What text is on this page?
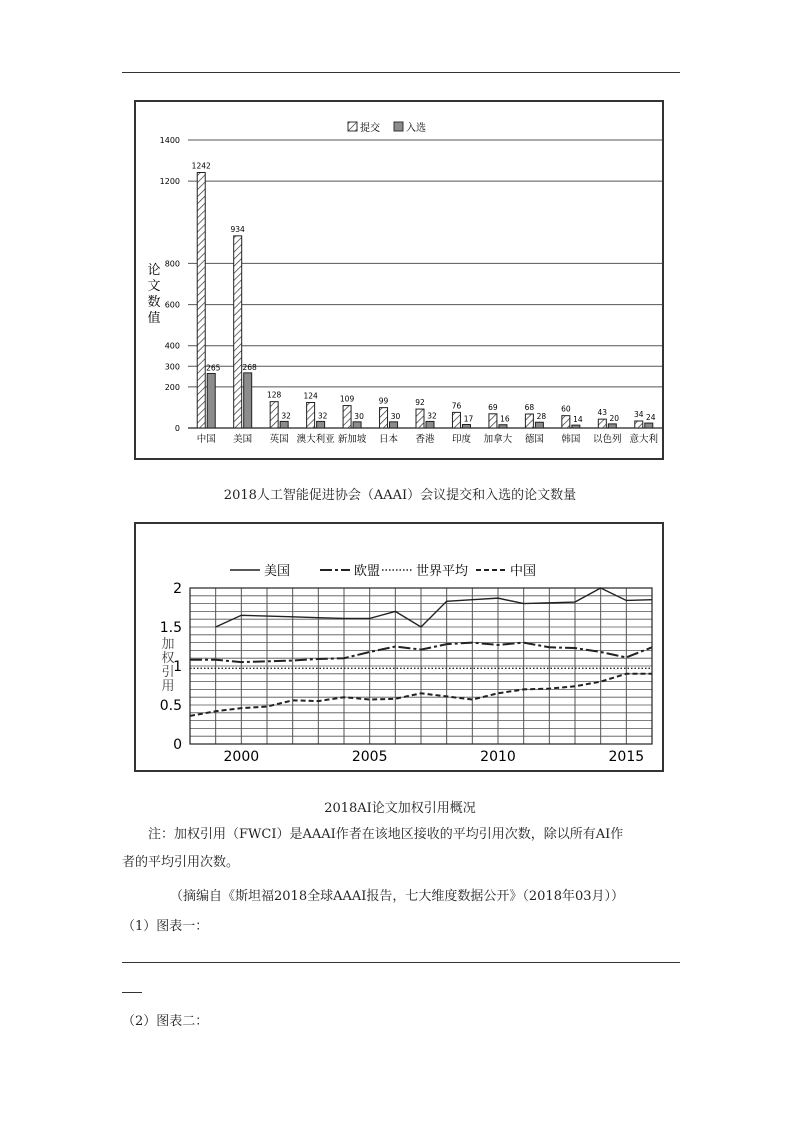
0
200
300
400
600
800
1200
1400
1242
265
934
268
128
32
124
32
109
30
99
30
92
32
76
17
69
16
68
28
60
14
43
20 34 24
中国 美国 英国 澳大利亚 新加坡 日本 香港 印度 加拿大 德国 韩国 以色列 意大利
提交	入选
论
文
数
值
2018人工智能促进协会（AAAI）会议提交和入选的论文数量
0
0.5
1
1.5
2
2000	2005	2010	2015
美国	欧盟	世界平均	中国
加
权
引
用
2018AI论文加权引用概况
注：加权引用（FWCI）是AAAI作者在该地区接收的平均引用次数，除以所有AI作
者的平均引用次数。
（摘编自《斯坦福2018全球AAAI报告，七大维度数据公开》（2018年03月））
（1）图表一：
（2）图表二：
